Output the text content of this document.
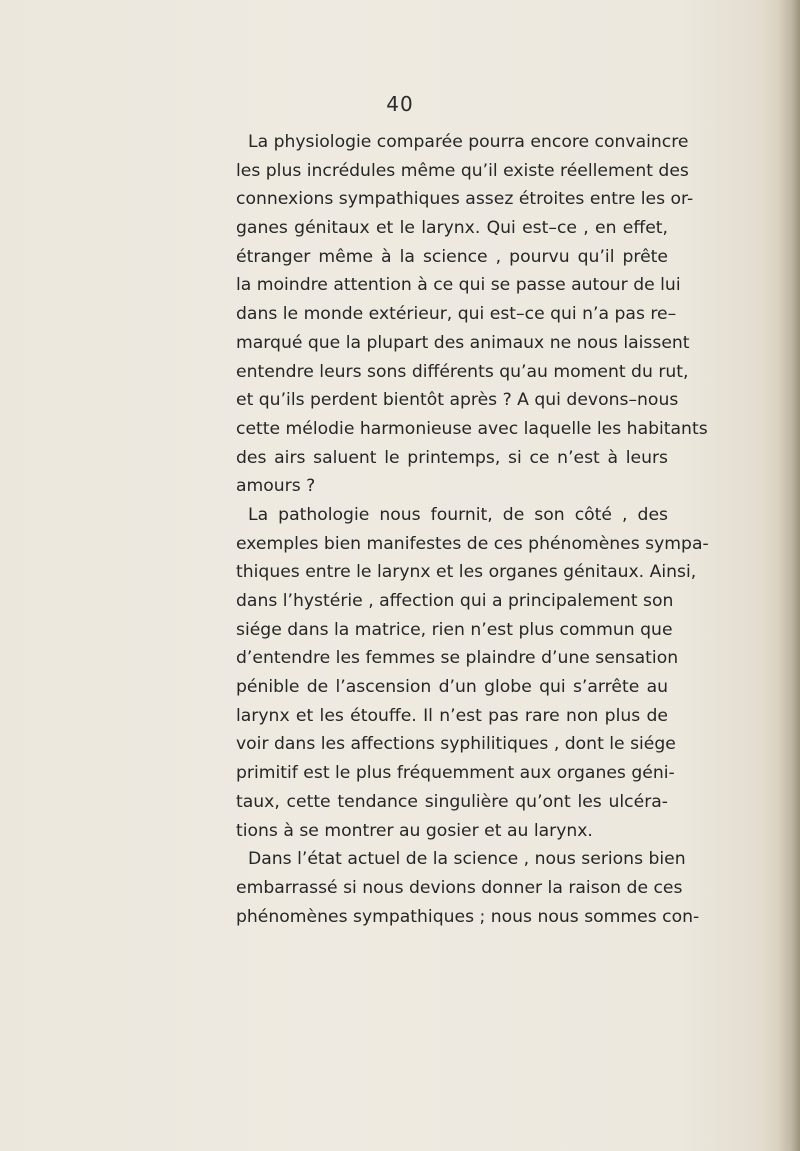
40
La physiologie comparée pourra encore convaincre
les plus incrédules même qu’il existe réellement des
connexions sympathiques assez étroites entre les or-
ganes génitaux et le larynx. Qui est–ce , en effet,
étranger même à la science , pourvu qu’il prête
la moindre attention à ce qui se passe autour de lui
dans le monde extérieur, qui est–ce qui n’a pas re–
marqué que la plupart des animaux ne nous laissent
entendre leurs sons différents qu’au moment du rut,
et qu’ils perdent bientôt après ? A qui devons–nous
cette mélodie harmonieuse avec laquelle les habitants
des airs saluent le printemps, si ce n’est à leurs
amours ?
La pathologie nous fournit, de son côté , des
exemples bien manifestes de ces phénomènes sympa-
thiques entre le larynx et les organes génitaux. Ainsi,
dans l’hystérie , affection qui a principalement son
siége dans la matrice, rien n’est plus commun que
d’entendre les femmes se plaindre d’une sensation
pénible de l’ascension d’un globe qui s’arrête au
larynx et les étouffe. Il n’est pas rare non plus de
voir dans les affections syphilitiques , dont le siége
primitif est le plus fréquemment aux organes géni-
taux, cette tendance singulière qu’ont les ulcéra-
tions à se montrer au gosier et au larynx.
Dans l’état actuel de la science , nous serions bien
embarrassé si nous devions donner la raison de ces
phénomènes sympathiques ; nous nous sommes con-
